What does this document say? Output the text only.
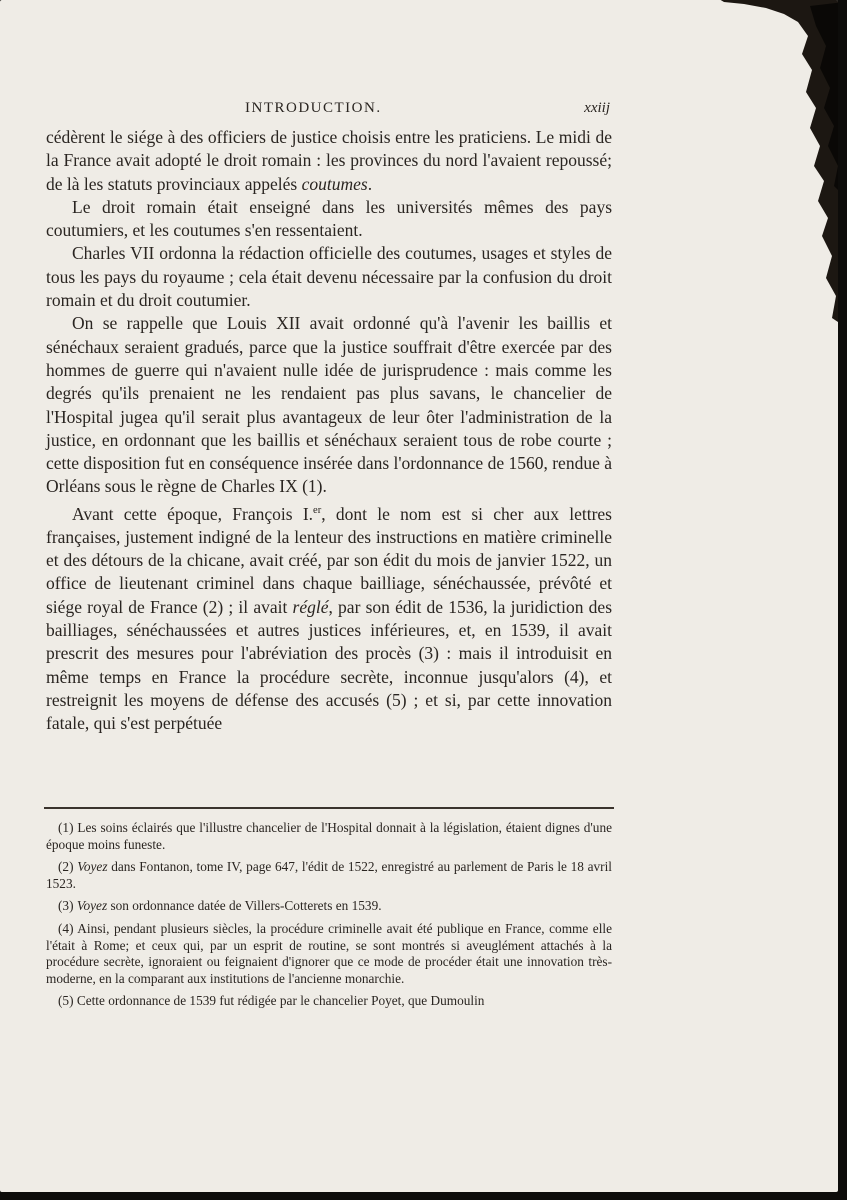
INTRODUCTION.	xxiij

cédèrent le siége à des officiers de justice choisis entre les praticiens. Le midi de la France avait adopté le droit romain : les provinces du nord l'avaient repoussé; de là les statuts provinciaux appelés coutumes.

Le droit romain était enseigné dans les universités mêmes des pays coutumiers, et les coutumes s'en ressentaient.

Charles VII ordonna la rédaction officielle des coutumes, usages et styles de tous les pays du royaume ; cela était devenu nécessaire par la confusion du droit romain et du droit coutumier.

On se rappelle que Louis XII avait ordonné qu'à l'avenir les baillis et sénéchaux seraient gradués, parce que la justice souffrait d'être exercée par des hommes de guerre qui n'avaient nulle idée de jurisprudence : mais comme les degrés qu'ils prenaient ne les rendaient pas plus savans, le chancelier de l'Hospital jugea qu'il serait plus avantageux de leur ôter l'administration de la justice, en ordonnant que les baillis et sénéchaux seraient tous de robe courte ; cette disposition fut en conséquence insérée dans l'ordonnance de 1560, rendue à Orléans sous le règne de Charles IX (1).

Avant cette époque, François I.$^{er}$, dont le nom est si cher aux lettres françaises, justement indigné de la lenteur des instructions en matière criminelle et des détours de la chicane, avait créé, par son édit du mois de janvier 1522, un office de lieutenant criminel dans chaque bailliage, sénéchaussée, prévôté et siége royal de France (2) ; il avait réglé, par son édit de 1536, la juridiction des bailliages, sénéchaussées et autres justices inférieures, et, en 1539, il avait prescrit des mesures pour l'abréviation des procès (3) : mais il introduisit en même temps en France la procédure secrète, inconnue jusqu'alors (4), et restreignit les moyens de défense des accusés (5) ; et si, par cette innovation fatale, qui s'est perpétuée

(1) Les soins éclairés que l'illustre chancelier de l'Hospital donnait à la législation, étaient dignes d'une époque moins funeste.

(2) Voyez dans Fontanon, tome IV, page 647, l'édit de 1522, enregistré au parlement de Paris le 18 avril 1523.

(3) Voyez son ordonnance datée de Villers-Cotterets en 1539.

(4) Ainsi, pendant plusieurs siècles, la procédure criminelle avait été publique en France, comme elle l'était à Rome; et ceux qui, par un esprit de routine, se sont montrés si aveuglément attachés à la procédure secrète, ignoraient ou feignaient d'ignorer que ce mode de procéder était une innovation très-moderne, en la comparant aux institutions de l'ancienne monarchie.

(5) Cette ordonnance de 1539 fut rédigée par le chancelier Poyet, que Dumoulin
